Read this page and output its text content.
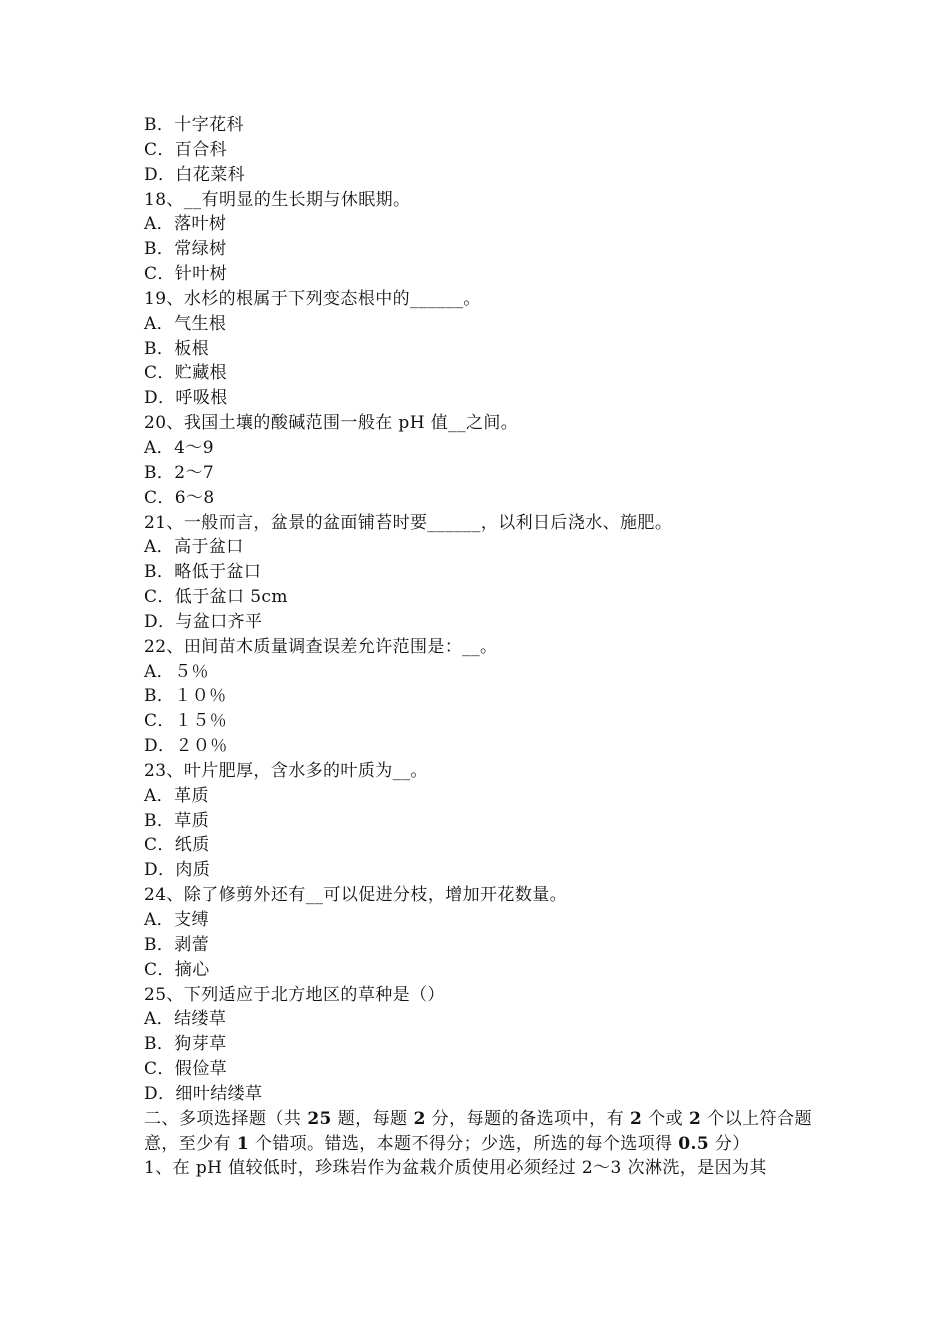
B．十字花科
C．百合科
D．白花菜科
18、__有明显的生长期与休眠期。
A．落叶树
B．常绿树
C．针叶树
19、水杉的根属于下列变态根中的______。
A．气生根
B．板根
C．贮藏根
D．呼吸根
20、我国土壤的酸碱范围一般在 pH 值__之间。
A．4～9
B．2～7
C．6～8
21、一般而言，盆景的盆面铺苔时要______，以利日后浇水、施肥。
A．高于盆口
B．略低于盆口
C．低于盆口 5cm
D．与盆口齐平
22、田间苗木质量调查误差允许范围是：__。
A．５％
B．１０％
C．１５％
D．２０％
23、叶片肥厚，含水多的叶质为__。
A．革质
B．草质
C．纸质
D．肉质
24、除了修剪外还有__可以促进分枝，增加开花数量。
A．支缚
B．剥蕾
C．摘心
25、下列适应于北方地区的草种是（）
A．结缕草
B．狗芽草
C．假俭草
D．细叶结缕草
二、多项选择题（共 25 题，每题 2 分，每题的备选项中，有 2 个或 2 个以上符合题意，至少有 1 个错项。错选，本题不得分；少选，所选的每个选项得 0.5 分）
1、在 pH 值较低时，珍珠岩作为盆栽介质使用必须经过 2～3 次淋洗，是因为其
